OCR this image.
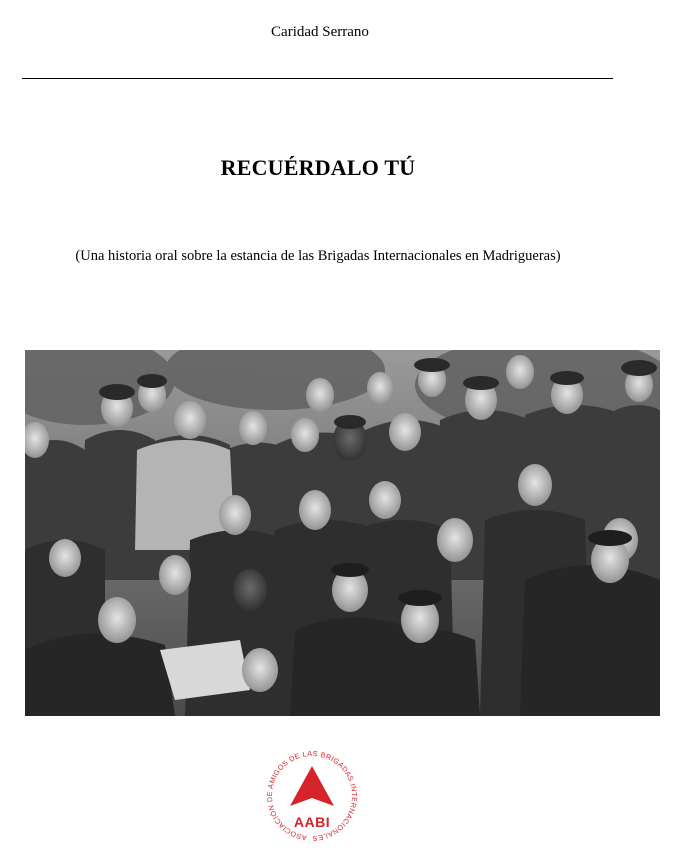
Caridad Serrano
RECUÉRDALO TÚ
(Una historia oral sobre la estancia de las Brigadas Internacionales en Madrigueras)
ASOCIACIÓN DE AMIGOS DE LAS BRIGADAS INTERNACIONALES
AABI
